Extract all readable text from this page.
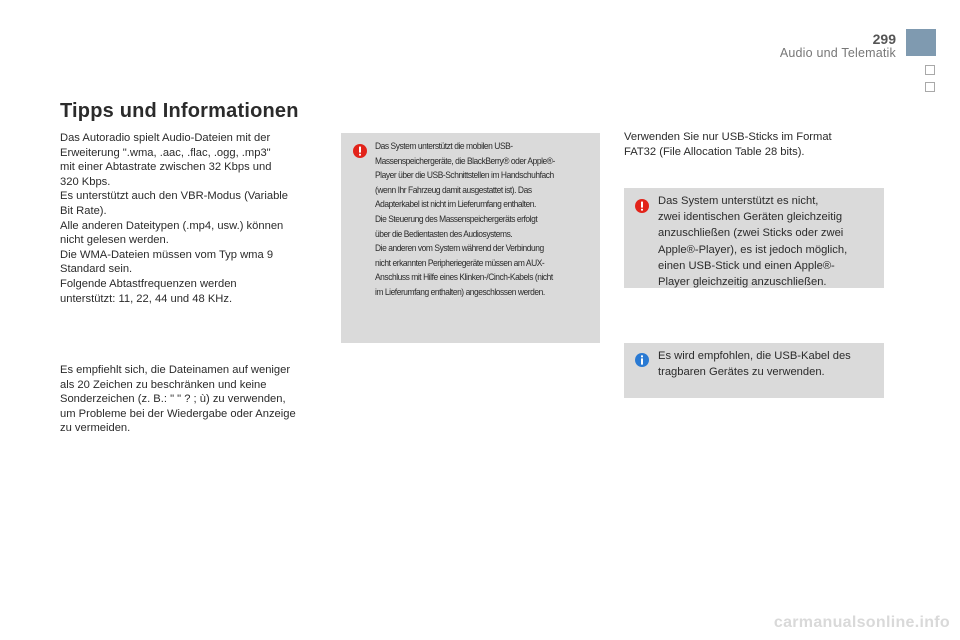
299
Audio und Telematik
Tipps und Informationen
Das Autoradio spielt Audio-Dateien mit der
Erweiterung ".wma, .aac, .flac, .ogg, .mp3"
mit einer Abtastrate zwischen 32 Kbps und
320 Kbps.
Es unterstützt auch den VBR-Modus (Variable
Bit Rate).
Alle anderen Dateitypen (.mp4, usw.) können
nicht gelesen werden.
Die WMA-Dateien müssen vom Typ wma 9
Standard sein.
Folgende Abtastfrequenzen werden
unterstützt: 11, 22, 44 und 48 KHz.
Es empfiehlt sich, die Dateinamen auf weniger
als 20 Zeichen zu beschränken und keine
Sonderzeichen (z. B.: " " ? ; ù) zu verwenden,
um Probleme bei der Wiedergabe oder Anzeige
zu vermeiden.
Das System unterstützt die mobilen USB-
Massenspeichergeräte, die BlackBerry® oder Apple®-
Player über die USB-Schnittstellen im Handschuhfach
(wenn Ihr Fahrzeug damit ausgestattet ist). Das
Adapterkabel ist nicht im Lieferumfang enthalten.
Die Steuerung des Massenspeichergeräts erfolgt
über die Bedientasten des Audiosystems.
Die anderen vom System während der Verbindung
nicht erkannten Peripheriegeräte müssen am AUX-
Anschluss mit Hilfe eines Klinken-/Cinch-Kabels (nicht
im Lieferumfang enthalten) angeschlossen werden.
Verwenden Sie nur USB-Sticks im Format
FAT32 (File Allocation Table 28 bits).
Das System unterstützt es nicht,
zwei identischen Geräten gleichzeitig
anzuschließen (zwei Sticks oder zwei
Apple®-Player), es ist jedoch möglich,
einen USB-Stick und einen Apple®-
Player gleichzeitig anzuschließen.
Es wird empfohlen, die USB-Kabel des
tragbaren Gerätes zu verwenden.
carmanualsonline.info
